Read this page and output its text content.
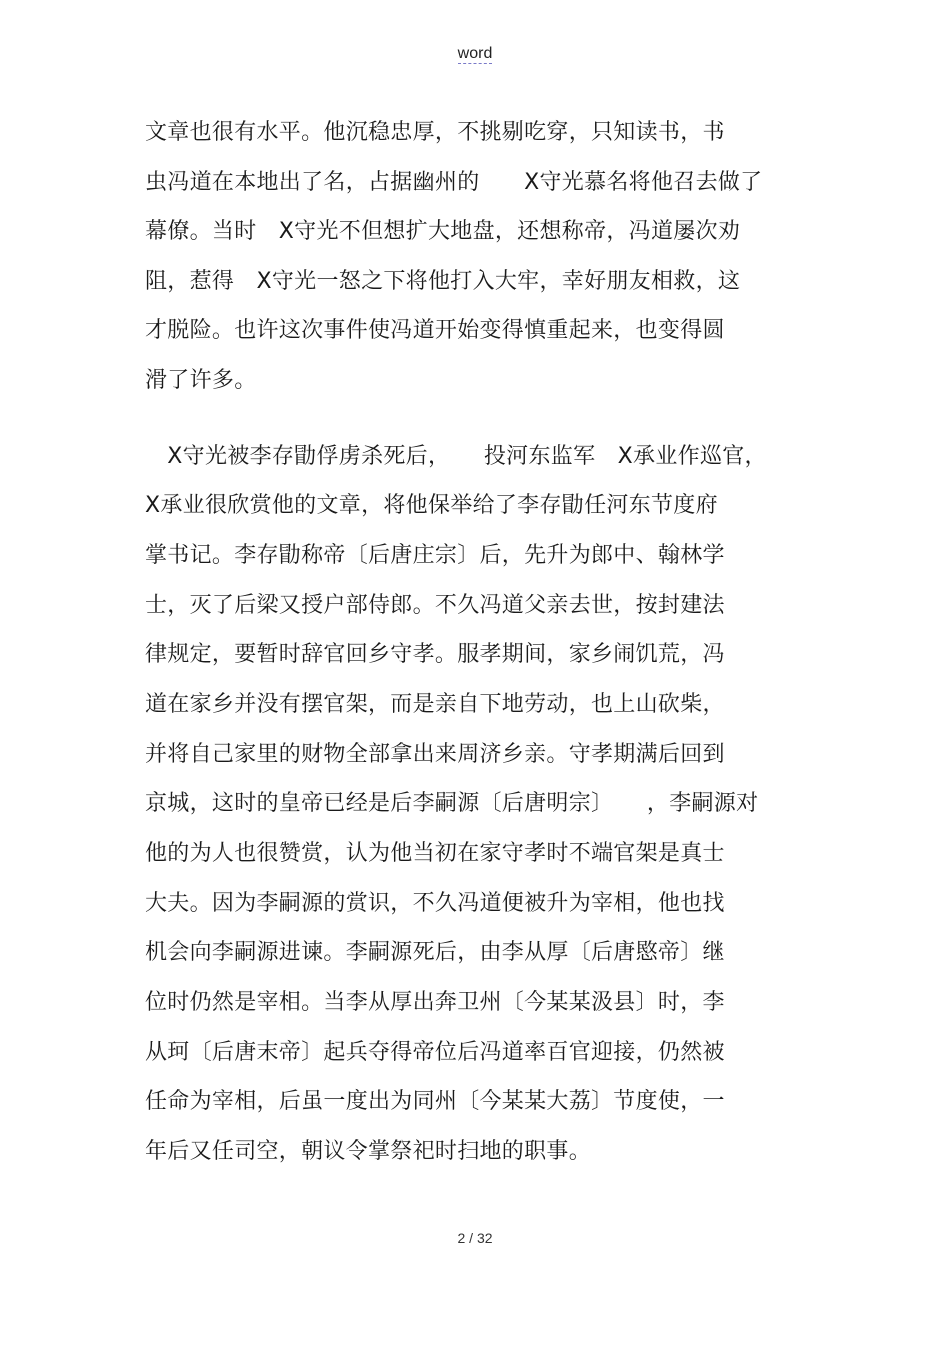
word
文章也很有水平。他沉稳忠厚，不挑剔吃穿，只知读书，书
虫冯道在本地出了名，占据幽州的　　X守光慕名将他召去做了
幕僚。当时　X守光不但想扩大地盘，还想称帝，冯道屡次劝
阻，惹得　X守光一怒之下将他打入大牢，幸好朋友相救，这
才脱险。也许这次事件使冯道开始变得慎重起来，也变得圆
滑了许多。
　X守光被李存勖俘虏杀死后，　　投河东监军　X承业作巡官，
X承业很欣赏他的文章，将他保举给了李存勖任河东节度府
掌书记。李存勖称帝〔后唐庄宗〕后，先升为郎中、翰林学
士，灭了后梁又授户部侍郎。不久冯道父亲去世，按封建法
律规定，要暂时辞官回乡守孝。服孝期间，家乡闹饥荒，冯
道在家乡并没有摆官架，而是亲自下地劳动，也上山砍柴，
并将自己家里的财物全部拿出来周济乡亲。守孝期满后回到
京城，这时的皇帝已经是后李嗣源〔后唐明宗〕　　，李嗣源对
他的为人也很赞赏，认为他当初在家守孝时不端官架是真士
大夫。因为李嗣源的赏识，不久冯道便被升为宰相，他也找
机会向李嗣源进谏。李嗣源死后，由李从厚〔后唐愍帝〕继
位时仍然是宰相。当李从厚出奔卫州〔今某某汲县〕时，李
从珂〔后唐末帝〕起兵夺得帝位后冯道率百官迎接，仍然被
任命为宰相，后虽一度出为同州〔今某某大荔〕节度使，一
年后又任司空，朝议令掌祭祀时扫地的职事。
2 / 32
